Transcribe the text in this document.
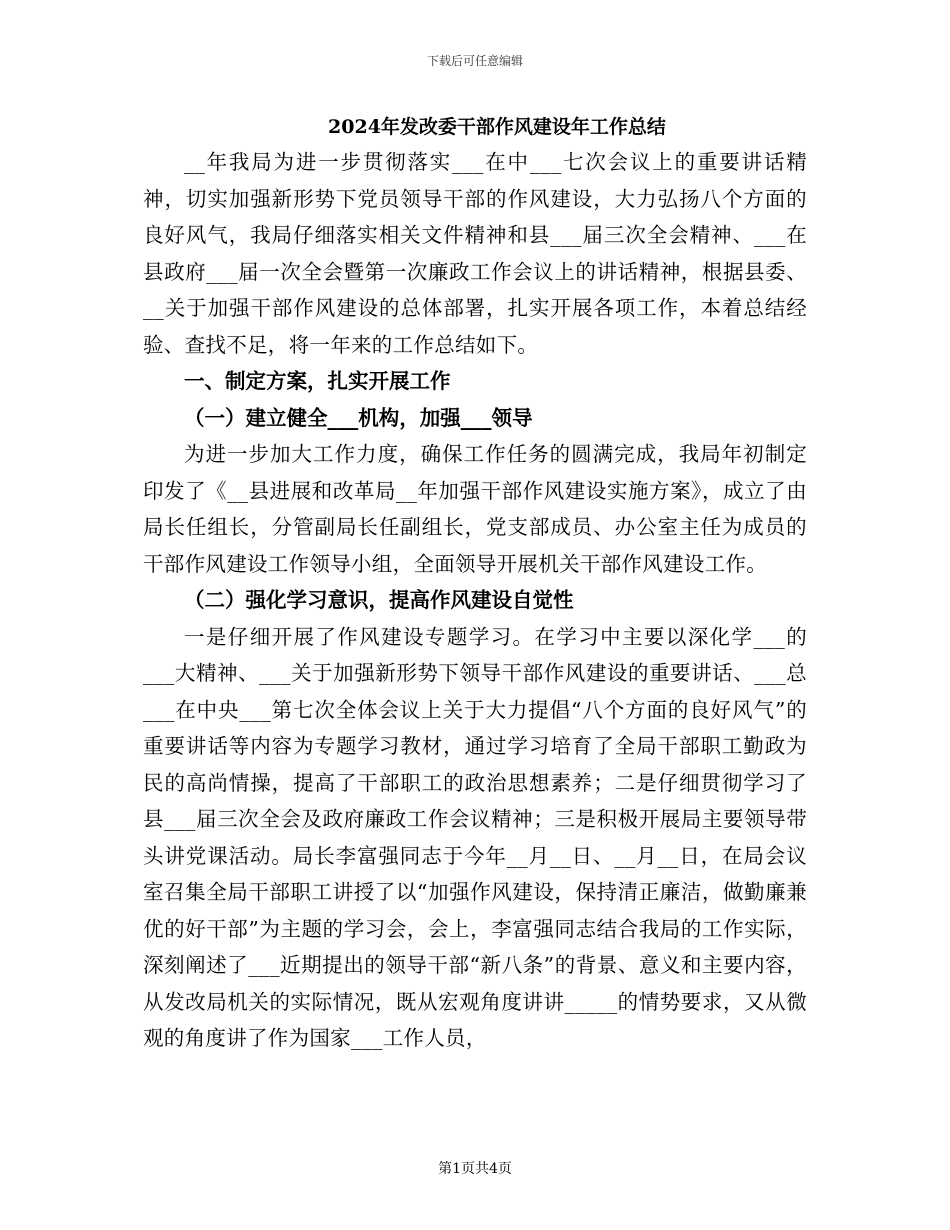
下载后可任意编辑
2024年发改委干部作风建设年工作总结

__年我局为进一步贯彻落实___在中___七次会议上的重要讲话精神，切实加强新形势下党员领导干部的作风建设，大力弘扬八个方面的良好风气，我局仔细落实相关文件精神和县___届三次全会精神、___在县政府___届一次全会暨第一次廉政工作会议上的讲话精神，根据县委、__关于加强干部作风建设的总体部署，扎实开展各项工作，本着总结经验、查找不足，将一年来的工作总结如下。

一、制定方案，扎实开展工作

（一）建立健全___机构，加强___领导

为进一步加大工作力度，确保工作任务的圆满完成，我局年初制定印发了《__县进展和改革局__年加强干部作风建设实施方案》，成立了由局长任组长，分管副局长任副组长，党支部成员、办公室主任为成员的干部作风建设工作领导小组，全面领导开展机关干部作风建设工作。

（二）强化学习意识，提高作风建设自觉性

一是仔细开展了作风建设专题学习。在学习中主要以深化学___的___大精神、___关于加强新形势下领导干部作风建设的重要讲话、___总___在中央___第七次全体会议上关于大力提倡“八个方面的良好风气”的重要讲话等内容为专题学习教材，通过学习培育了全局干部职工勤政为民的高尚情操，提高了干部职工的政治思想素养；二是仔细贯彻学习了县___届三次全会及政府廉政工作会议精神；三是积极开展局主要领导带头讲党课活动。局长李富强同志于今年__月__日、__月__日，在局会议室召集全局干部职工讲授了以“加强作风建设，保持清正廉洁，做勤廉兼优的好干部”为主题的学习会，会上，李富强同志结合我局的工作实际，深刻阐述了___近期提出的领导干部“新八条”的背景、意义和主要内容，从发改局机关的实际情况，既从宏观角度讲讲_____的情势要求，又从微观的角度讲了作为国家___工作人员，

第1页共4页
